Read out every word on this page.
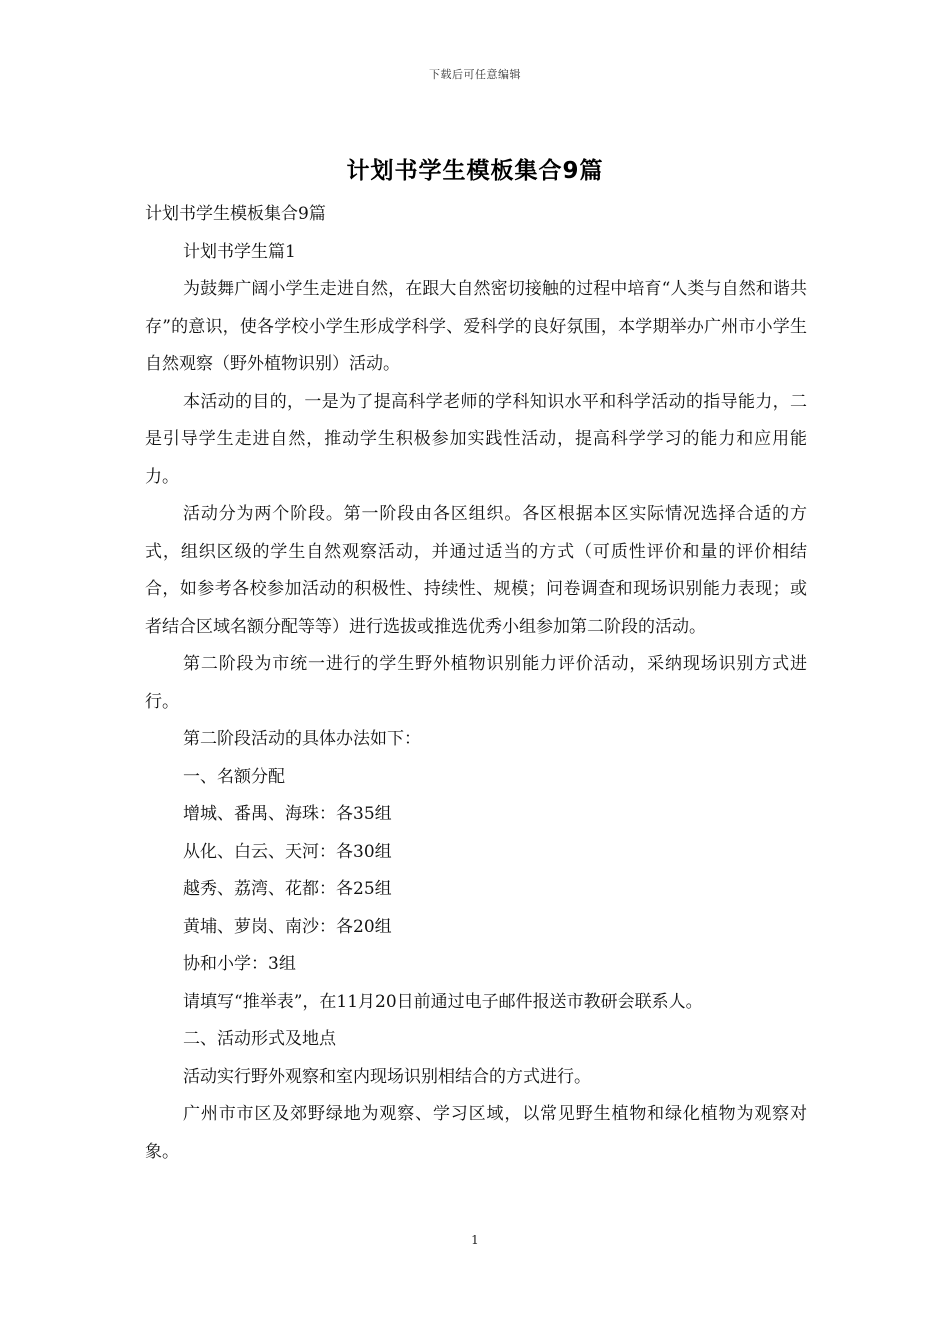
下载后可任意编辑
计划书学生模板集合9篇

计划书学生模板集合9篇

计划书学生篇1

为鼓舞广阔小学生走进自然，在跟大自然密切接触的过程中培育“人类与自然和谐共存”的意识，使各学校小学生形成学科学、爱科学的良好氛围，本学期举办广州市小学生自然观察（野外植物识别）活动。

本活动的目的，一是为了提高科学老师的学科知识水平和科学活动的指导能力，二是引导学生走进自然，推动学生积极参加实践性活动，提高科学学习的能力和应用能力。

活动分为两个阶段。第一阶段由各区组织。各区根据本区实际情况选择合适的方式，组织区级的学生自然观察活动，并通过适当的方式（可质性评价和量的评价相结合，如参考各校参加活动的积极性、持续性、规模；问卷调查和现场识别能力表现；或者结合区域名额分配等等）进行选拔或推选优秀小组参加第二阶段的活动。

第二阶段为市统一进行的学生野外植物识别能力评价活动，采纳现场识别方式进行。

第二阶段活动的具体办法如下：

一、名额分配

增城、番禺、海珠：各35组

从化、白云、天河：各30组

越秀、荔湾、花都：各25组

黄埔、萝岗、南沙：各20组

协和小学：3组

请填写“推举表”，在11月20日前通过电子邮件报送市教研会联系人。

二、活动形式及地点

活动实行野外观察和室内现场识别相结合的方式进行。

广州市市区及郊野绿地为观察、学习区域，以常见野生植物和绿化植物为观察对象。

1
